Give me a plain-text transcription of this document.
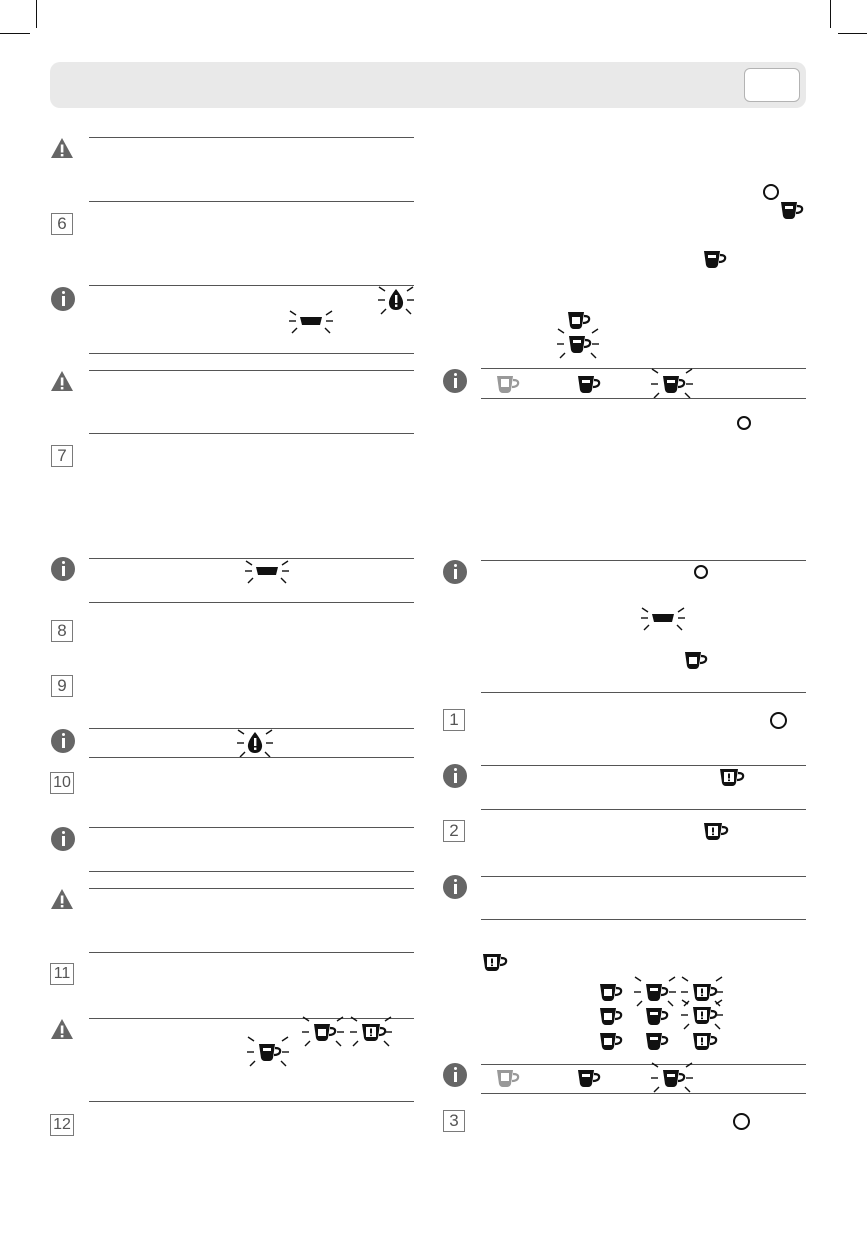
6
7
8
9
10
11
12
1
2
3
